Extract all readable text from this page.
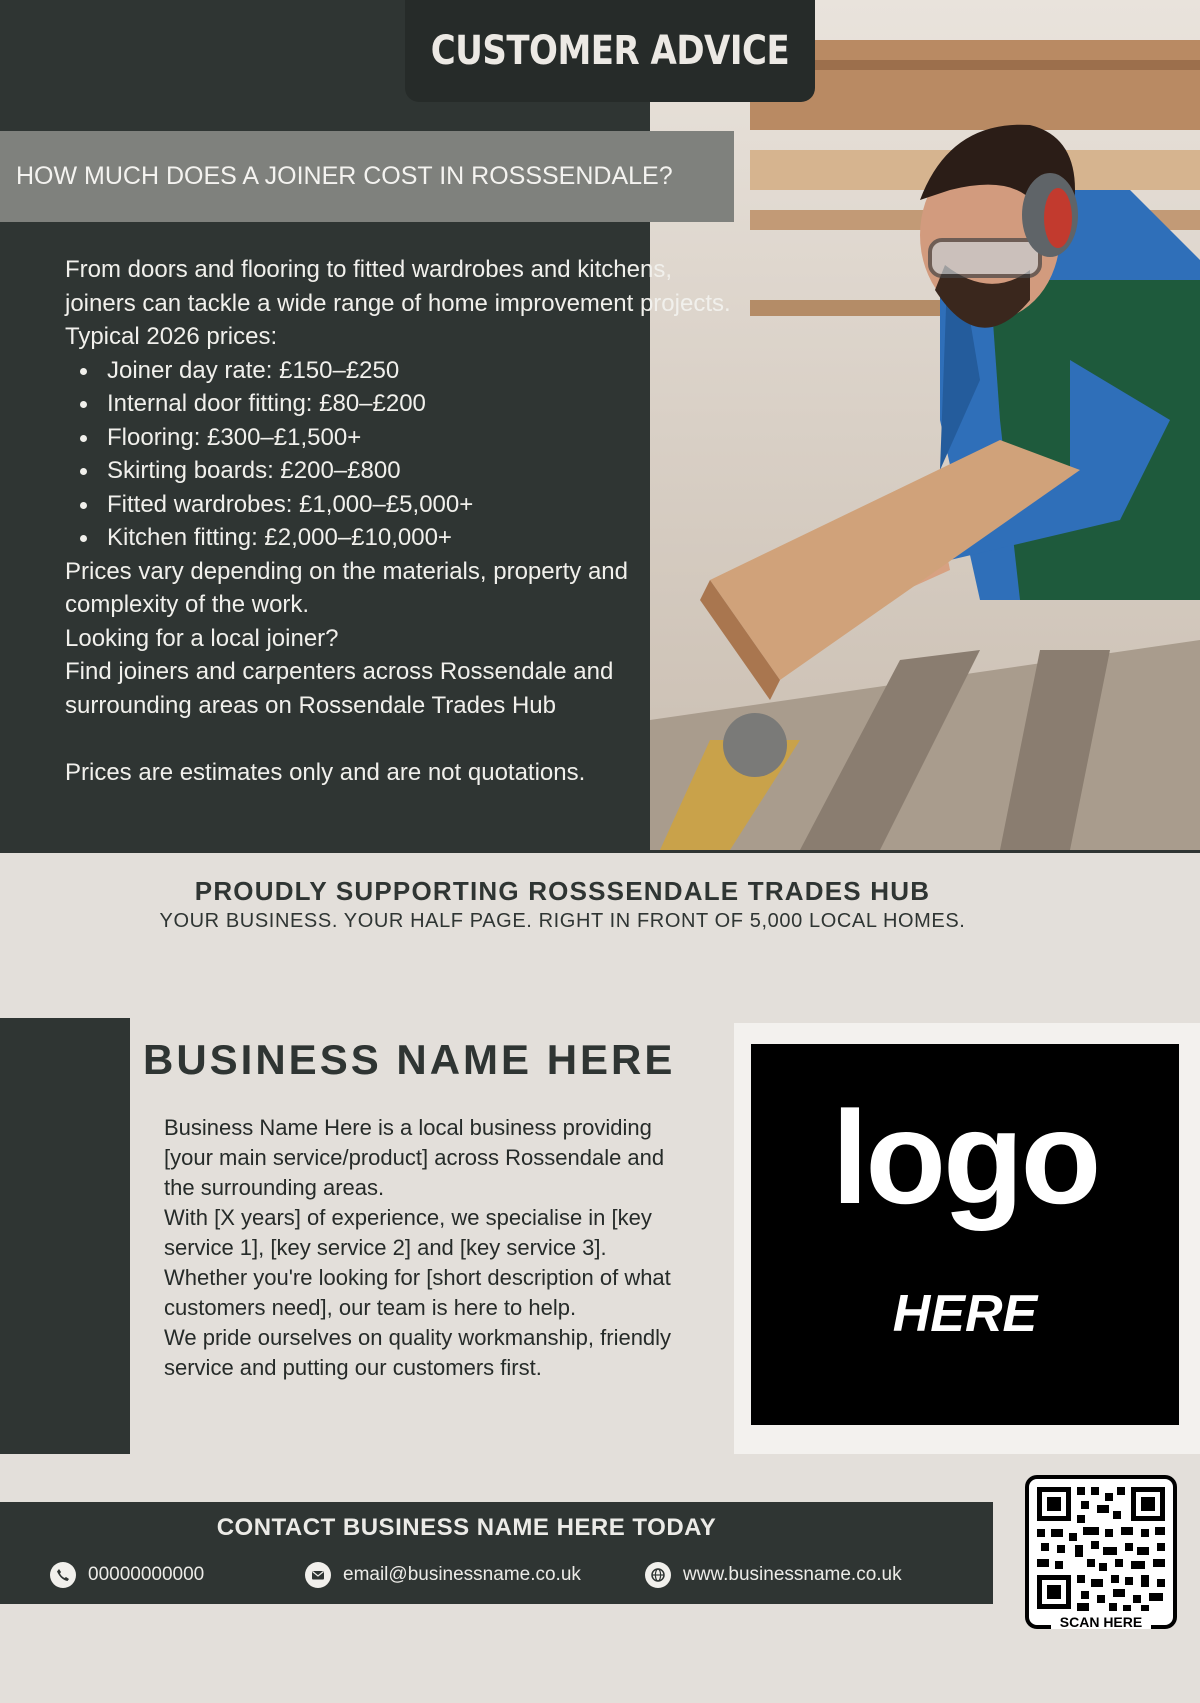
CUSTOMER ADVICE
HOW MUCH DOES A JOINER COST IN ROSSSENDALE?

From doors and flooring to fitted wardrobes and kitchens, joiners can tackle a wide range of home improvement projects.

Typical 2026 prices:

Joiner day rate: £150–£250
Internal door fitting: £80–£200
Flooring: £300–£1,500+
Skirting boards: £200–£800
Fitted wardrobes: £1,000–£5,000+
Kitchen fitting: £2,000–£10,000+

Prices vary depending on the materials, property and complexity of the work.

Looking for a local joiner?

Find joiners and carpenters across Rossendale and surrounding areas on Rossendale Trades Hub

Prices are estimates only and are not quotations.

PROUDLY SUPPORTING ROSSSENDALE TRADES HUB
YOUR BUSINESS. YOUR HALF PAGE. RIGHT IN FRONT OF 5,000 LOCAL HOMES.
BUSINESS NAME HERE

Business Name Here is a local business providing [your main service/product] across Rossendale and the surrounding areas.

With [X years] of experience, we specialise in [key service 1], [key service 2] and [key service 3]. Whether you're looking for [short description of what customers need], our team is here to help.

We pride ourselves on quality workmanship, friendly service and putting our customers first.

logo
HERE
CONTACT BUSINESS NAME HERE TODAY
00000000000	email@businessname.co.uk	www.businessname.co.uk
SCAN HERE
